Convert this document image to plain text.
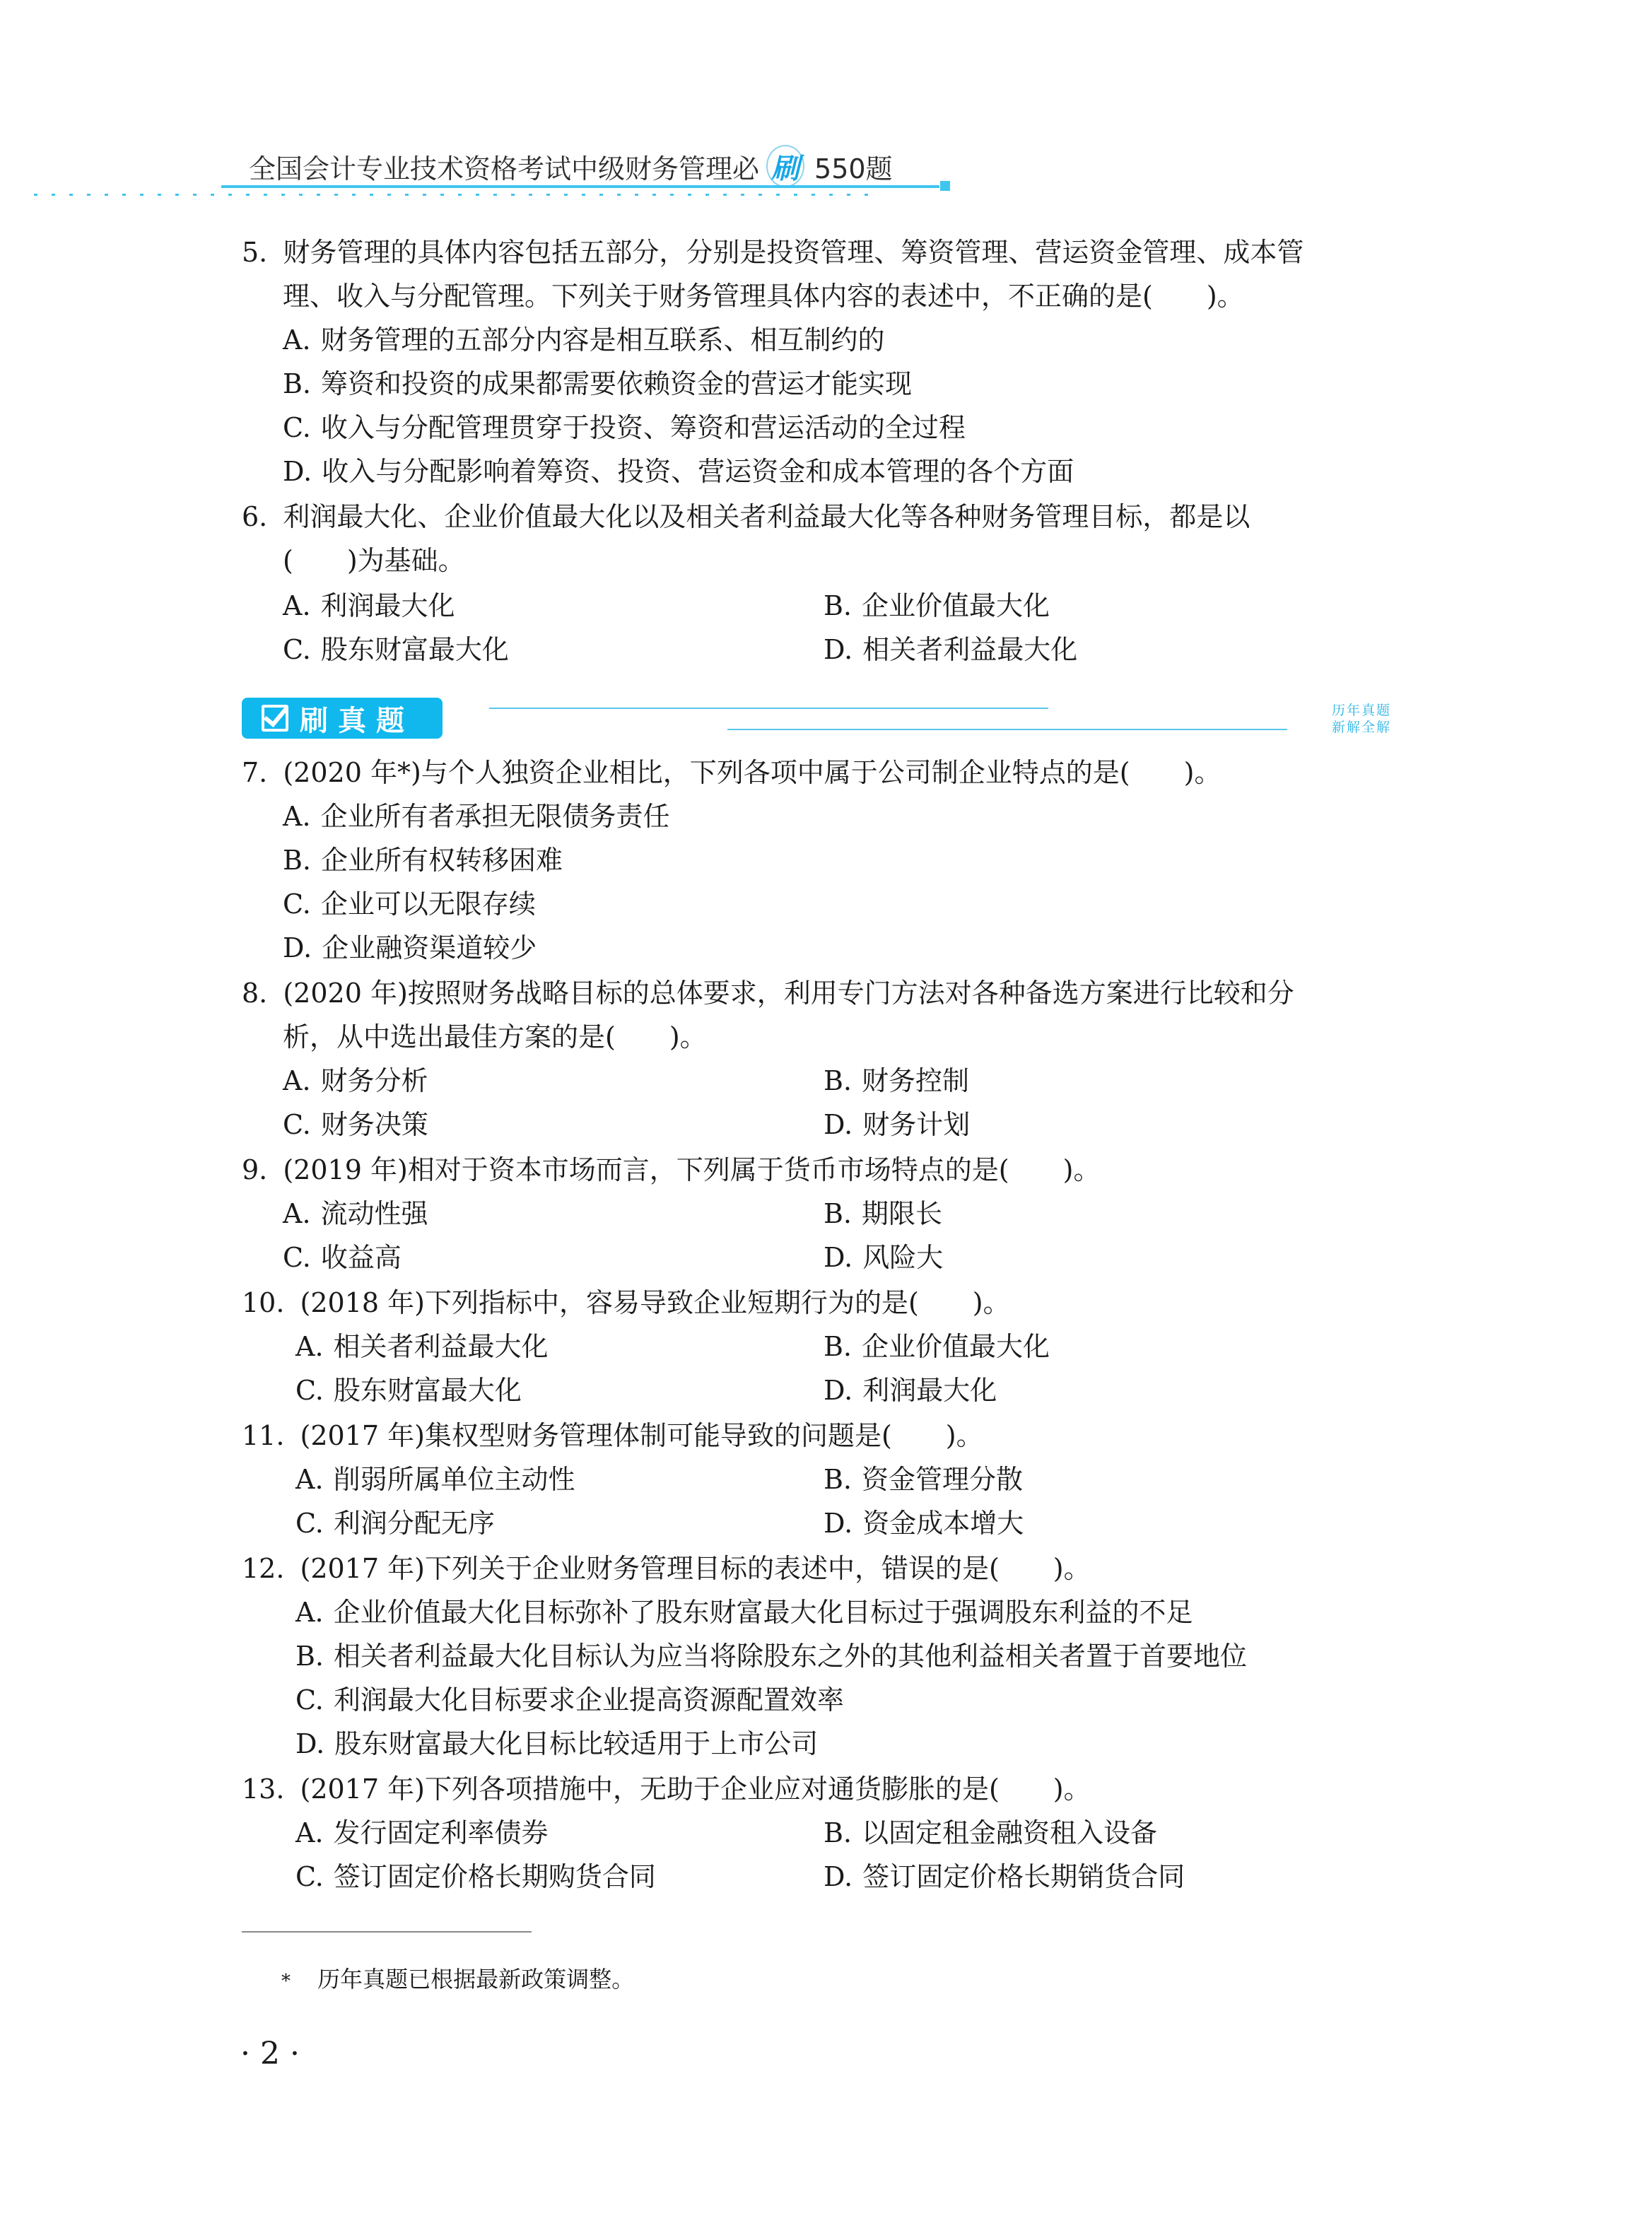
全国会计专业技术资格考试中级财务管理必 刷 550题
5. 财务管理的具体内容包括五部分，分别是投资管理、筹资管理、营运资金管理、成本管
理、收入与分配管理。下列关于财务管理具体内容的表述中，不正确的是(　　)。
A. 财务管理的五部分内容是相互联系、相互制约的
B. 筹资和投资的成果都需要依赖资金的营运才能实现
C. 收入与分配管理贯穿于投资、筹资和营运活动的全过程
D. 收入与分配影响着筹资、投资、营运资金和成本管理的各个方面
6. 利润最大化、企业价值最大化以及相关者利益最大化等各种财务管理目标，都是以
(　　)为基础。
A. 利润最大化	B. 企业价值最大化
C. 股东财富最大化	D. 相关者利益最大化
刷真题	历年真题
新解全解
7. (2020 年*)与个人独资企业相比，下列各项中属于公司制企业特点的是(　　)。
A. 企业所有者承担无限债务责任
B. 企业所有权转移困难
C. 企业可以无限存续
D. 企业融资渠道较少
8. (2020 年)按照财务战略目标的总体要求，利用专门方法对各种备选方案进行比较和分
析，从中选出最佳方案的是(　　)。
A. 财务分析	B. 财务控制
C. 财务决策	D. 财务计划
9. (2019 年)相对于资本市场而言，下列属于货币市场特点的是(　　)。
A. 流动性强	B. 期限长
C. 收益高	D. 风险大
10. (2018 年)下列指标中，容易导致企业短期行为的是(　　)。
A. 相关者利益最大化	B. 企业价值最大化
C. 股东财富最大化	D. 利润最大化
11. (2017 年)集权型财务管理体制可能导致的问题是(　　)。
A. 削弱所属单位主动性	B. 资金管理分散
C. 利润分配无序	D. 资金成本增大
12. (2017 年)下列关于企业财务管理目标的表述中，错误的是(　　)。
A. 企业价值最大化目标弥补了股东财富最大化目标过于强调股东利益的不足
B. 相关者利益最大化目标认为应当将除股东之外的其他利益相关者置于首要地位
C. 利润最大化目标要求企业提高资源配置效率
D. 股东财富最大化目标比较适用于上市公司
13. (2017 年)下列各项措施中，无助于企业应对通货膨胀的是(　　)。
A. 发行固定利率债券	B. 以固定租金融资租入设备
C. 签订固定价格长期购货合同	D. 签订固定价格长期销货合同
* 历年真题已根据最新政策调整。
· 2 ·
